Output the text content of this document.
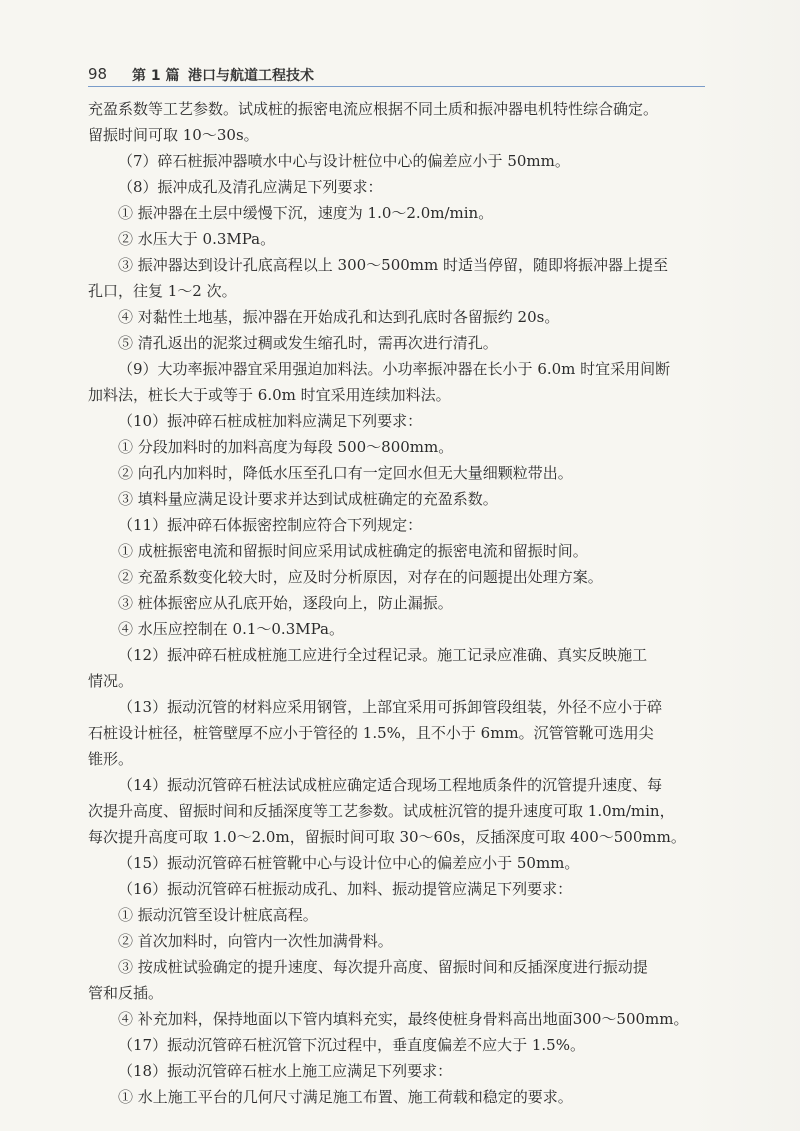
98 第 1 篇 港口与航道工程技术

充盈系数等工艺参数。试成桩的振密电流应根据不同土质和振冲器电机特性综合确定。

留振时间可取 10～30s。

（7）碎石桩振冲器喷水中心与设计桩位中心的偏差应小于 50mm。

（8）振冲成孔及清孔应满足下列要求：

① 振冲器在土层中缓慢下沉，速度为 1.0～2.0m/min。

② 水压大于 0.3MPa。

③ 振冲器达到设计孔底高程以上 300～500mm 时适当停留，随即将振冲器上提至

孔口，往复 1～2 次。

④ 对黏性土地基，振冲器在开始成孔和达到孔底时各留振约 20s。

⑤ 清孔返出的泥浆过稠或发生缩孔时，需再次进行清孔。

（9）大功率振冲器宜采用强迫加料法。小功率振冲器在长小于 6.0m 时宜采用间断

加料法，桩长大于或等于 6.0m 时宜采用连续加料法。

（10）振冲碎石桩成桩加料应满足下列要求：

① 分段加料时的加料高度为每段 500～800mm。

② 向孔内加料时，降低水压至孔口有一定回水但无大量细颗粒带出。

③ 填料量应满足设计要求并达到试成桩确定的充盈系数。

（11）振冲碎石体振密控制应符合下列规定：

① 成桩振密电流和留振时间应采用试成桩确定的振密电流和留振时间。

② 充盈系数变化较大时，应及时分析原因，对存在的问题提出处理方案。

③ 桩体振密应从孔底开始，逐段向上，防止漏振。

④ 水压应控制在 0.1～0.3MPa。

（12）振冲碎石桩成桩施工应进行全过程记录。施工记录应准确、真实反映施工

情况。

（13）振动沉管的材料应采用钢管，上部宜采用可拆卸管段组装，外径不应小于碎

石桩设计桩径，桩管壁厚不应小于管径的 1.5%，且不小于 6mm。沉管管靴可选用尖

锥形。

（14）振动沉管碎石桩法试成桩应确定适合现场工程地质条件的沉管提升速度、每

次提升高度、留振时间和反插深度等工艺参数。试成桩沉管的提升速度可取 1.0m/min，

每次提升高度可取 1.0～2.0m，留振时间可取 30～60s，反插深度可取 400～500mm。

（15）振动沉管碎石桩管靴中心与设计位中心的偏差应小于 50mm。

（16）振动沉管碎石桩振动成孔、加料、振动提管应满足下列要求：

① 振动沉管至设计桩底高程。

② 首次加料时，向管内一次性加满骨料。

③ 按成桩试验确定的提升速度、每次提升高度、留振时间和反插深度进行振动提

管和反插。

④ 补充加料，保持地面以下管内填料充实，最终使桩身骨料高出地面300～500mm。

（17）振动沉管碎石桩沉管下沉过程中，垂直度偏差不应大于 1.5%。

（18）振动沉管碎石桩水上施工应满足下列要求：

① 水上施工平台的几何尺寸满足施工布置、施工荷载和稳定的要求。
